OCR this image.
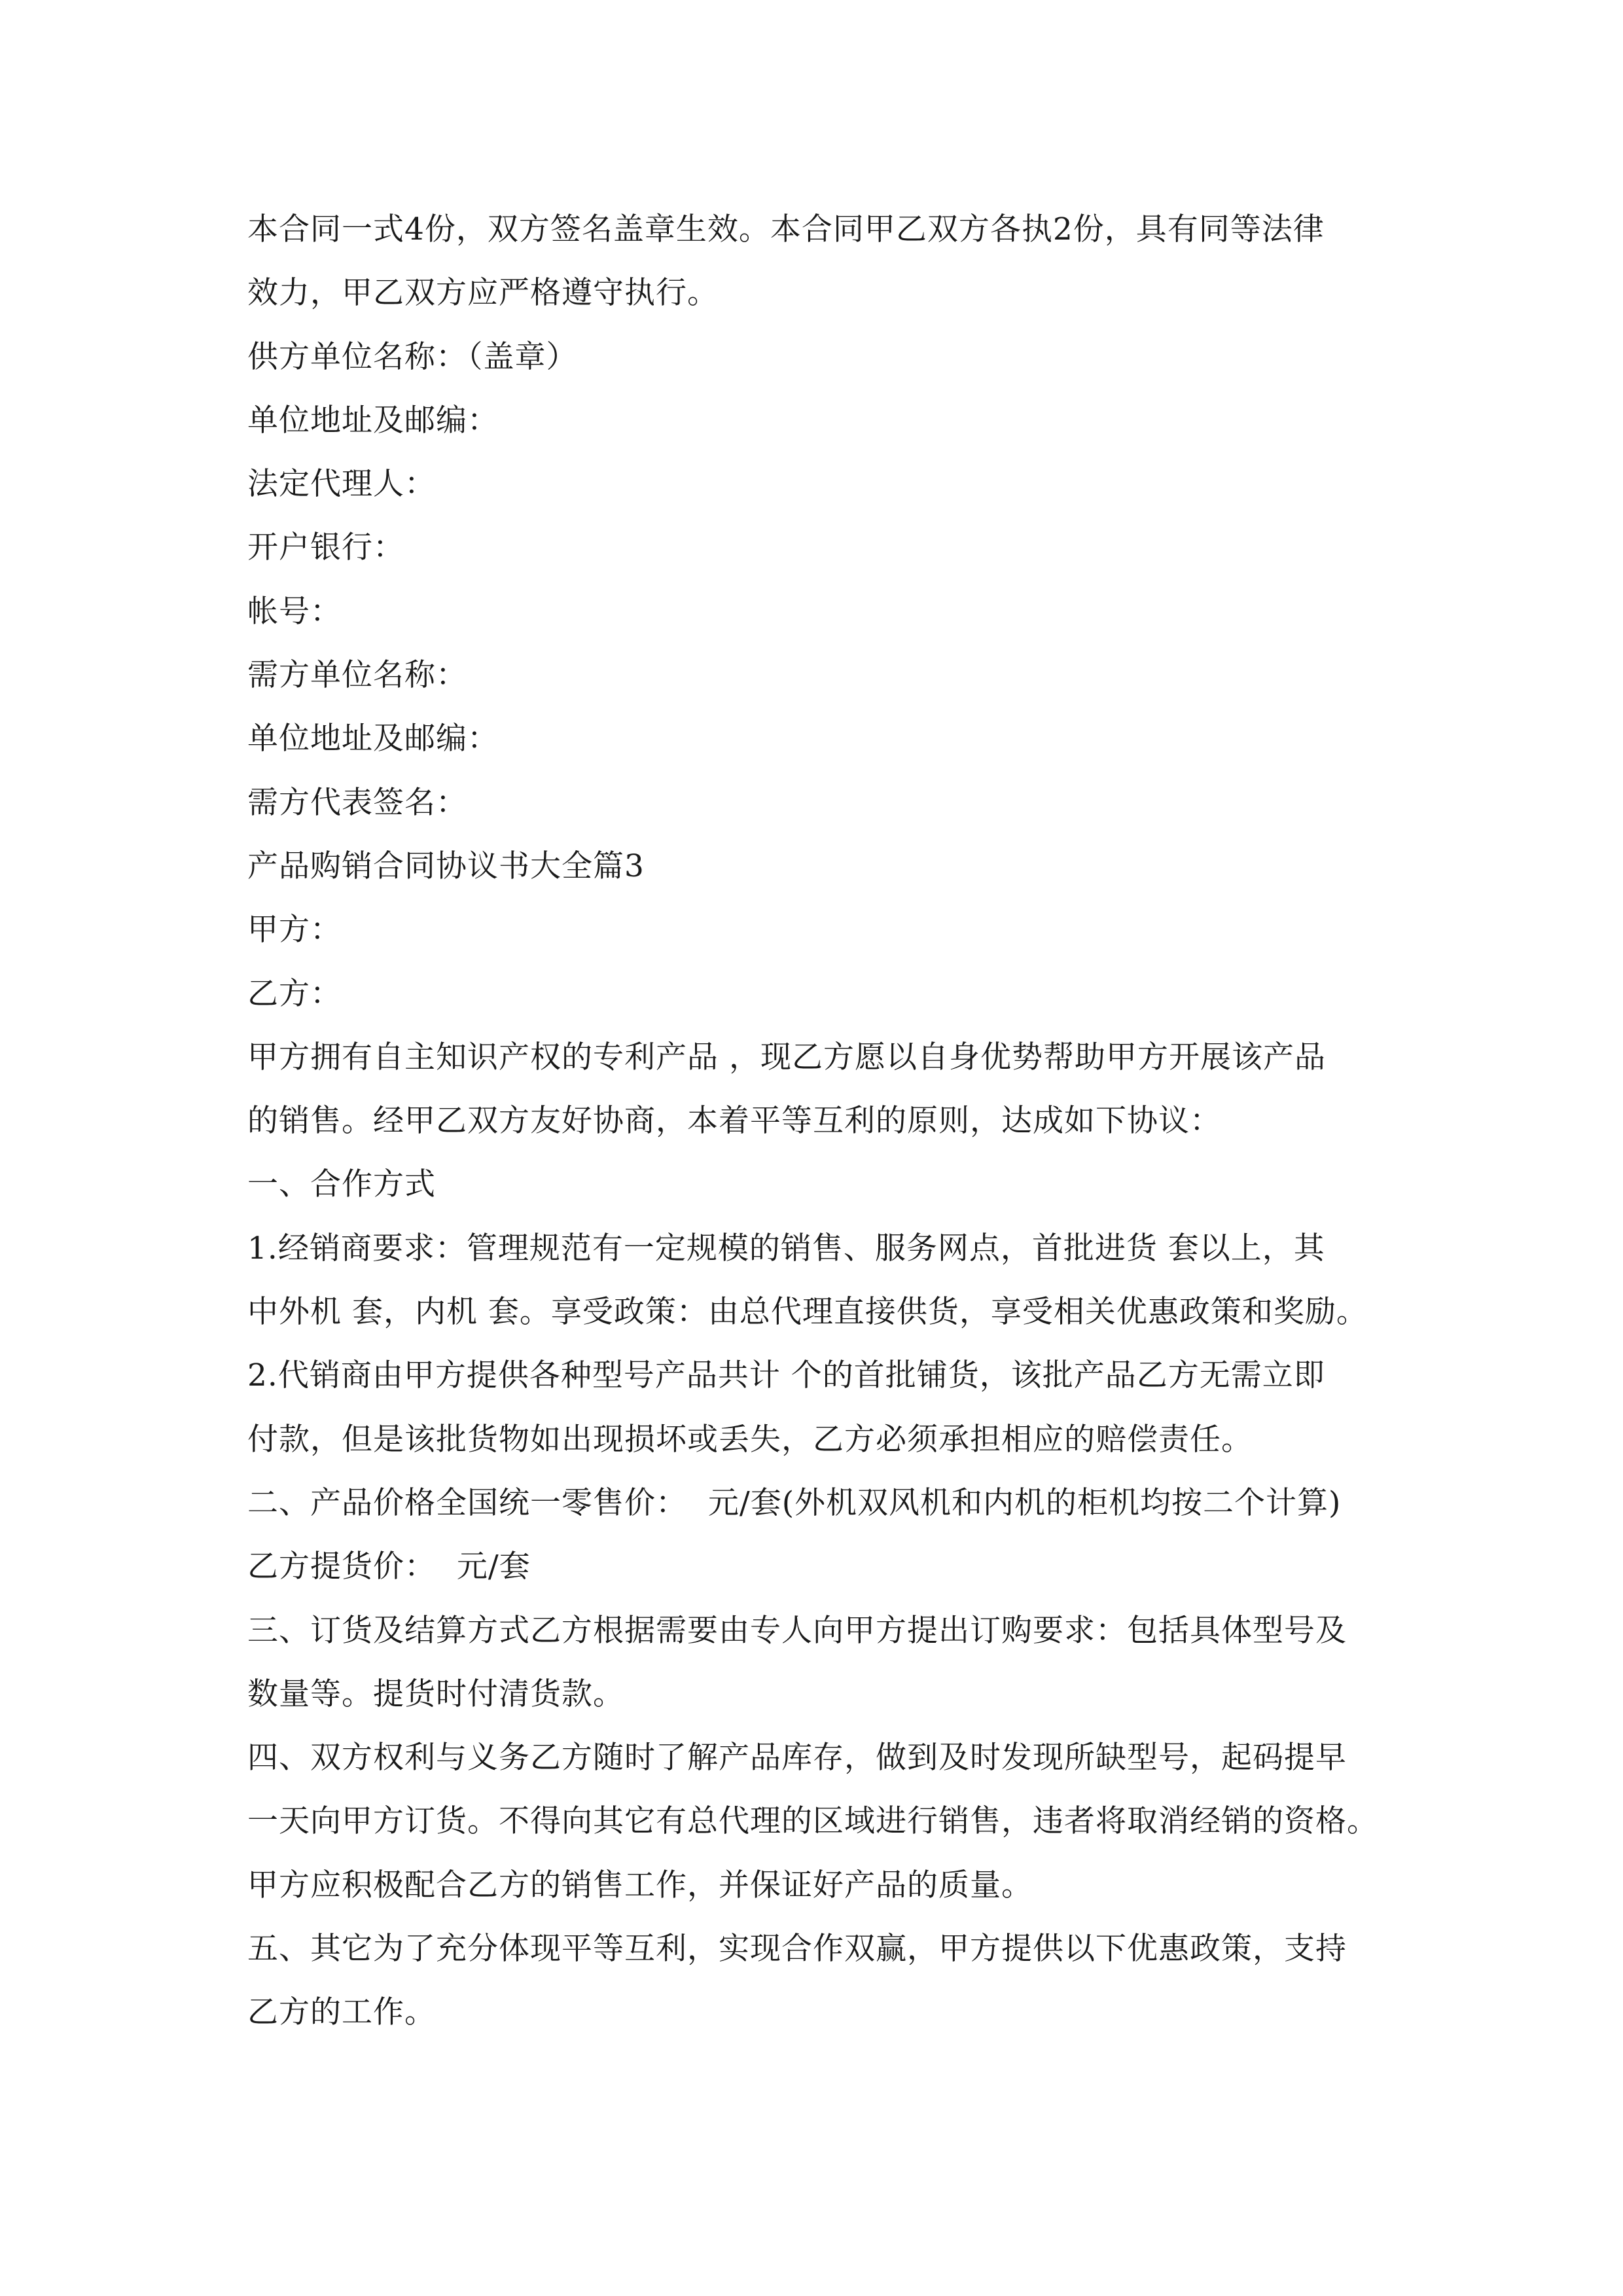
本合同一式4份，双方签名盖章生效。本合同甲乙双方各执2份，具有同等法律
效力，甲乙双方应严格遵守执行。
供方单位名称：（盖章）
单位地址及邮编：
法定代理人：
开户银行：
帐号：
需方单位名称：
单位地址及邮编：
需方代表签名：
产品购销合同协议书大全篇3
甲方：
乙方：
甲方拥有自主知识产权的专利产品 ，现乙方愿以自身优势帮助甲方开展该产品
的销售。经甲乙双方友好协商，本着平等互利的原则，达成如下协议：
一、合作方式
1.经销商要求：管理规范有一定规模的销售、服务网点，首批进货 套以上，其
中外机 套，内机 套。享受政策：由总代理直接供货，享受相关优惠政策和奖励。
2.代销商由甲方提供各种型号产品共计 个的首批铺货，该批产品乙方无需立即
付款，但是该批货物如出现损坏或丢失，乙方必须承担相应的赔偿责任。
二、产品价格全国统一零售价：  元/套(外机双风机和内机的柜机均按二个计算)
乙方提货价：  元/套
三、订货及结算方式乙方根据需要由专人向甲方提出订购要求：包括具体型号及
数量等。提货时付清货款。
四、双方权利与义务乙方随时了解产品库存，做到及时发现所缺型号，起码提早
一天向甲方订货。不得向其它有总代理的区域进行销售，违者将取消经销的资格。
甲方应积极配合乙方的销售工作，并保证好产品的质量。
五、其它为了充分体现平等互利，实现合作双赢，甲方提供以下优惠政策，支持
乙方的工作。
